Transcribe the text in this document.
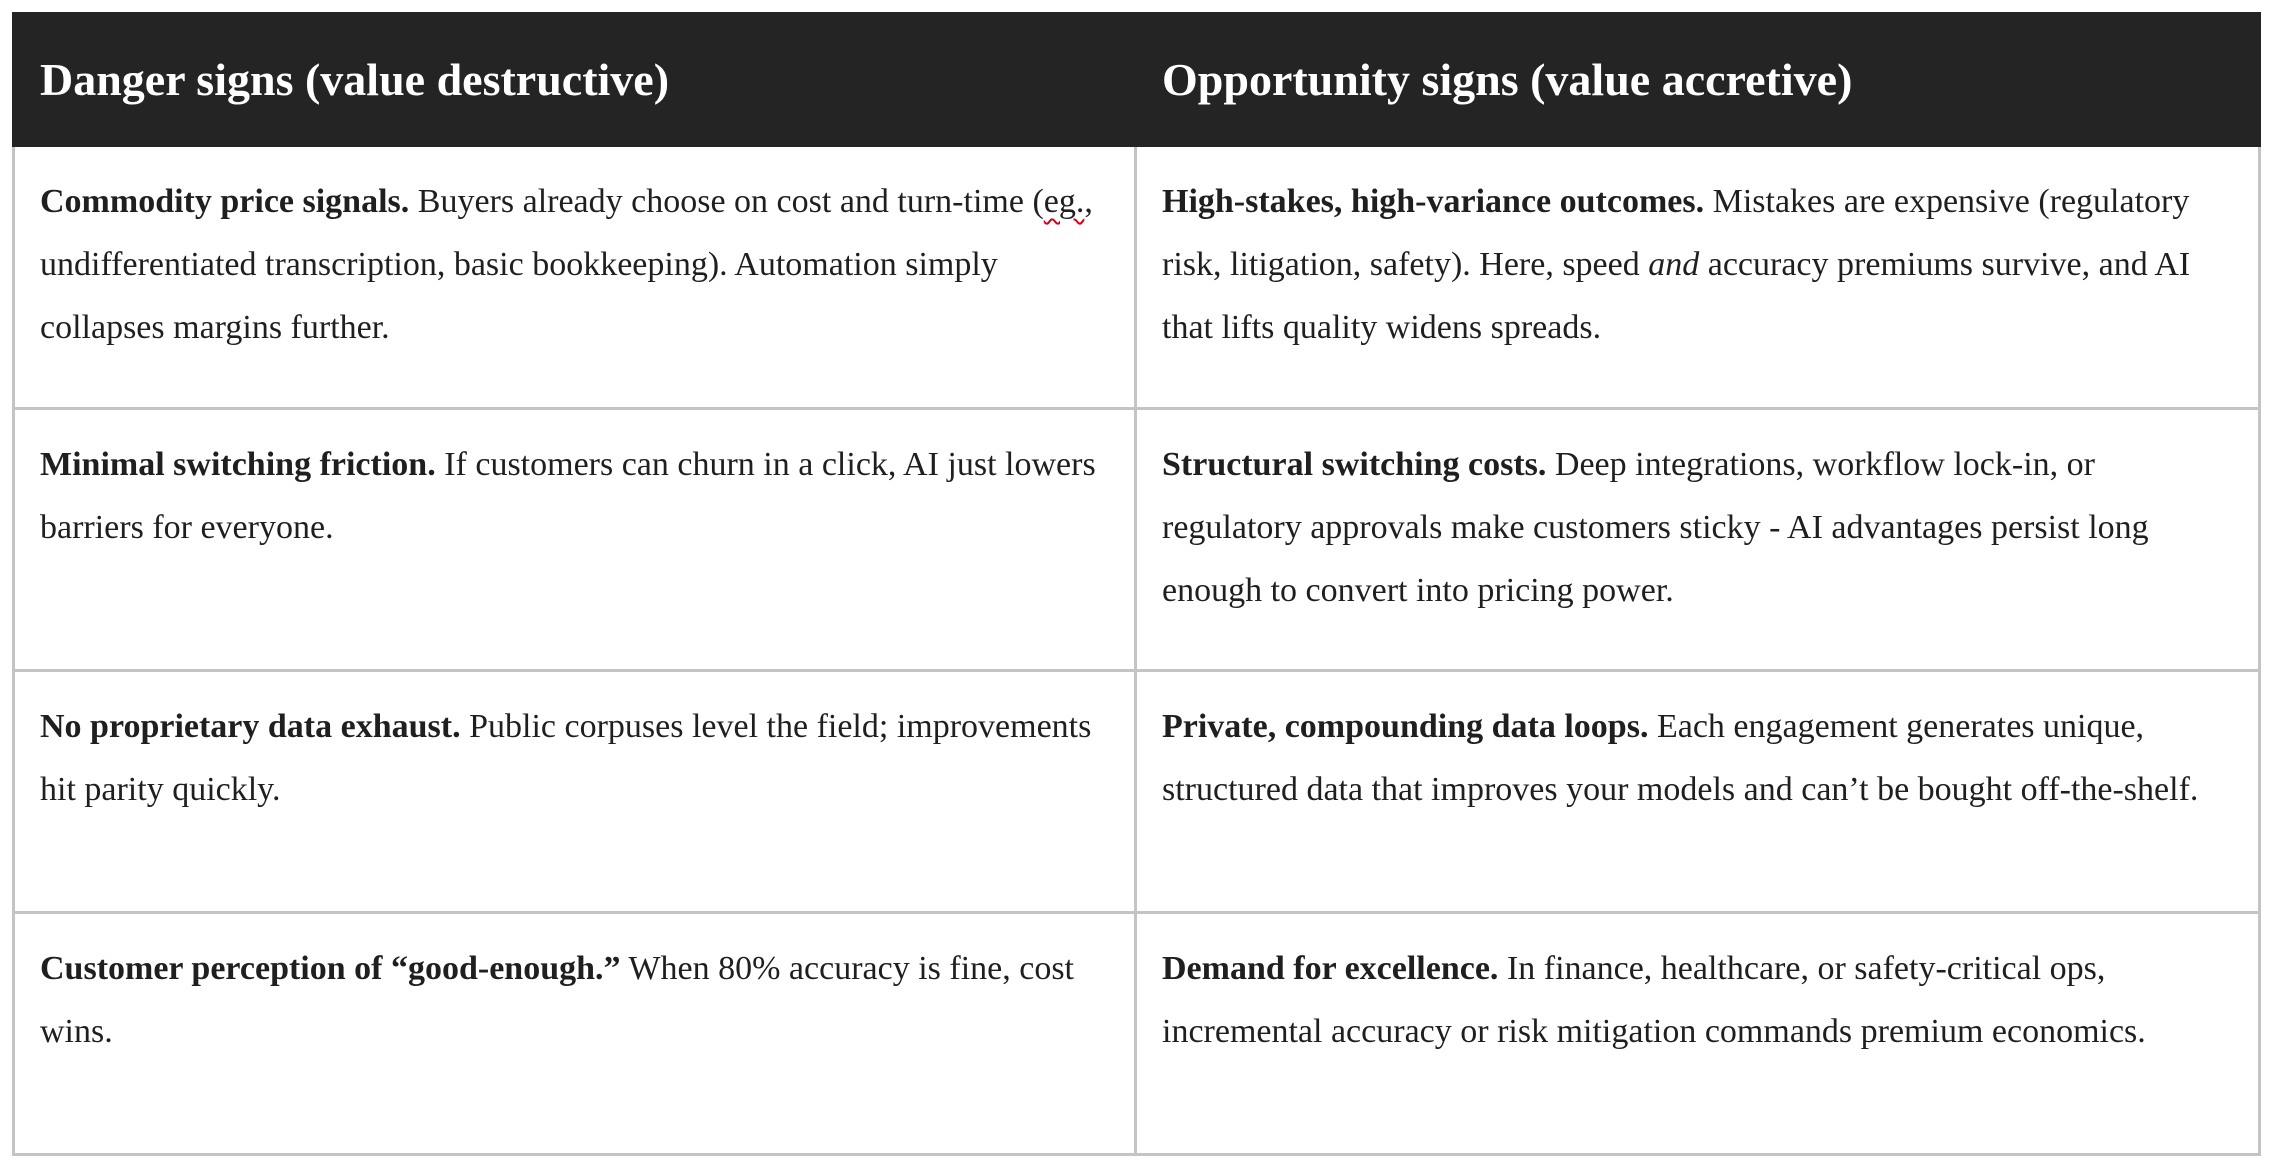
Danger signs (value destructive)	Opportunity signs (value accretive)
Commodity price signals. Buyers already choose on cost and turn-time (eg., undifferentiated transcription, basic bookkeeping). Automation simply collapses margins further.	High-stakes, high-variance outcomes. Mistakes are expensive (regulatory risk, litigation, safety). Here, speed and accuracy premiums survive, and AI that lifts quality widens spreads.
Minimal switching friction. If customers can churn in a click, AI just lowers barriers for everyone.	Structural switching costs. Deep integrations, workflow lock-in, or regulatory approvals make customers sticky - AI advantages persist long enough to convert into pricing power.
No proprietary data exhaust. Public corpuses level the field; improvements hit parity quickly.	Private, compounding data loops. Each engagement generates unique, structured data that improves your models and can’t be bought off-the-shelf.
Customer perception of “good-enough.” When 80% accuracy is fine, cost wins.	Demand for excellence. In finance, healthcare, or safety-critical ops, incremental accuracy or risk mitigation commands premium economics.
